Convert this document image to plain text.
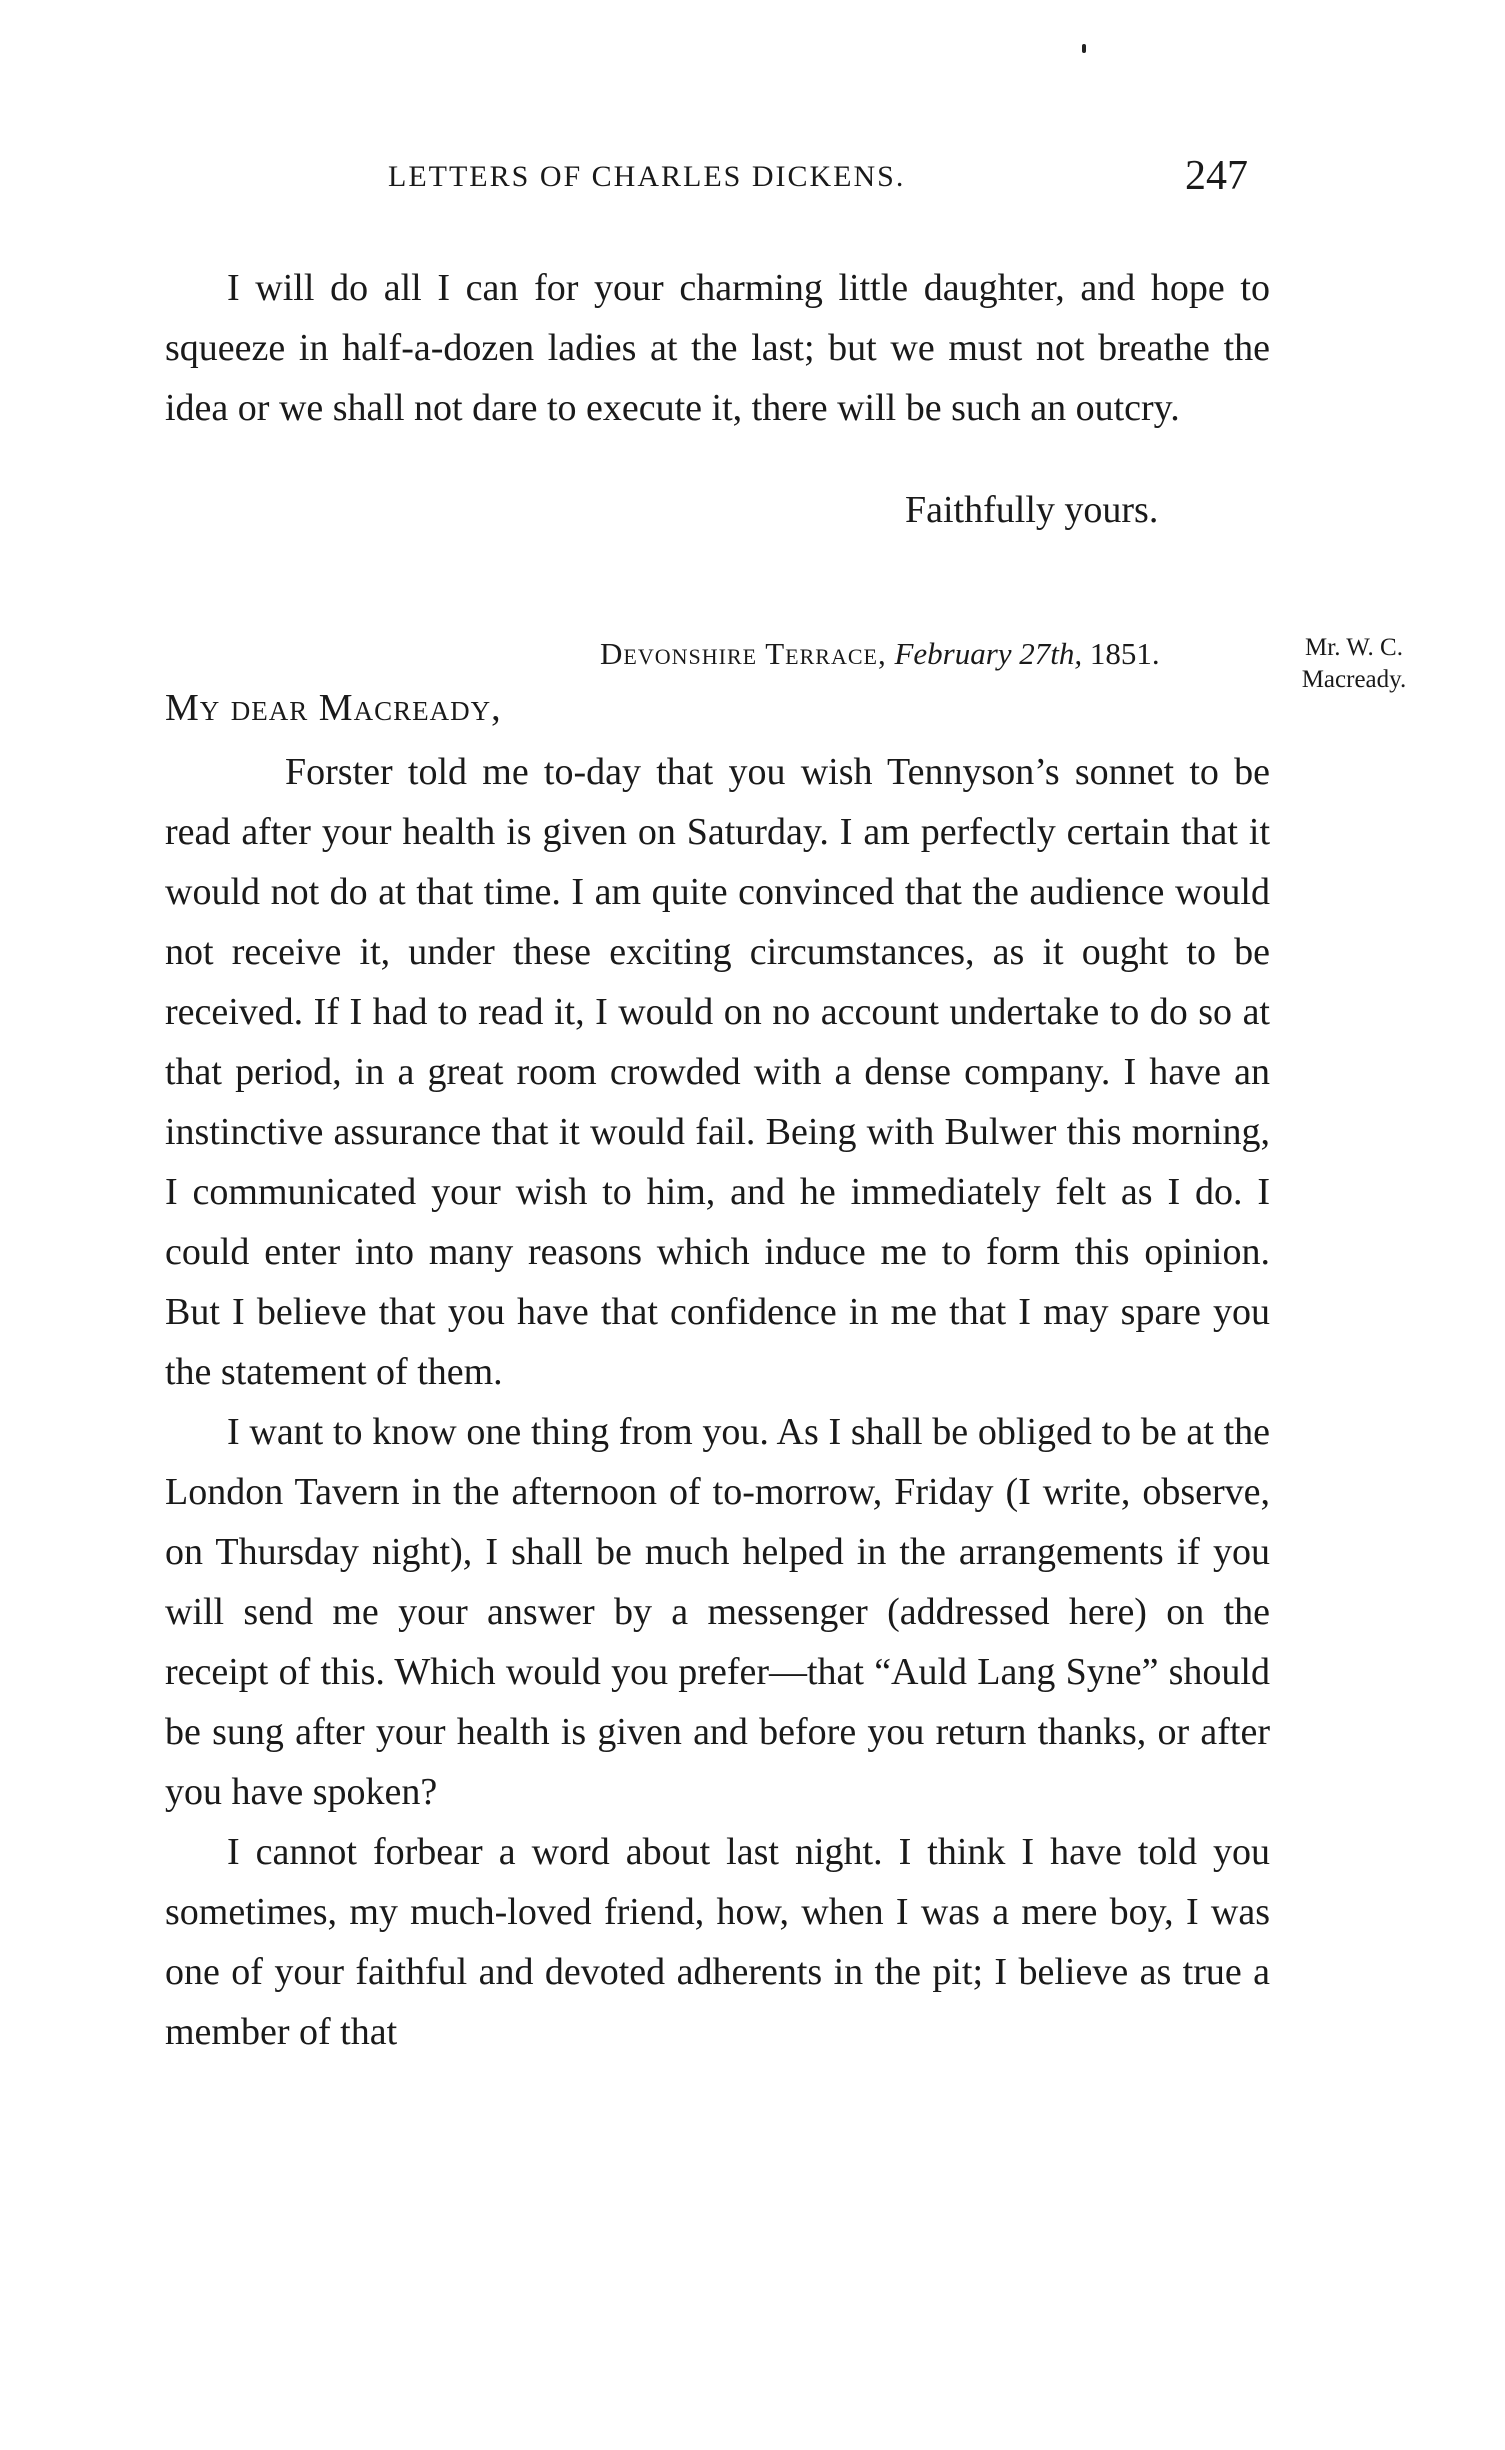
LETTERS OF CHARLES DICKENS.	247

I will do all I can for your charming little daughter, and hope to squeeze in half-a-dozen ladies at the last; but we must not breathe the idea or we shall not dare to execute it, there will be such an outcry.

Faithfully yours.
Devonshire Terrace, February 27th, 1851.	Mr. W. C.
Macready.
My dear Macready,

Forster told me to-day that you wish Tennyson’s sonnet to be read after your health is given on Saturday. I am perfectly certain that it would not do at that time. I am quite convinced that the audience would not receive it, under these exciting circumstances, as it ought to be received. If I had to read it, I would on no account undertake to do so at that period, in a great room crowded with a dense company. I have an instinctive assurance that it would fail. Being with Bulwer this morning, I communicated your wish to him, and he immediately felt as I do. I could enter into many reasons which induce me to form this opinion. But I believe that you have that confidence in me that I may spare you the statement of them.

I want to know one thing from you. As I shall be obliged to be at the London Tavern in the afternoon of to-morrow, Friday (I write, observe, on Thursday night), I shall be much helped in the arrangements if you will send me your answer by a messenger (addressed here) on the receipt of this. Which would you prefer—that “Auld Lang Syne” should be sung after your health is given and before you return thanks, or after you have spoken?

I cannot forbear a word about last night. I think I have told you sometimes, my much-loved friend, how, when I was a mere boy, I was one of your faithful and devoted adherents in the pit; I believe as true a member of that
